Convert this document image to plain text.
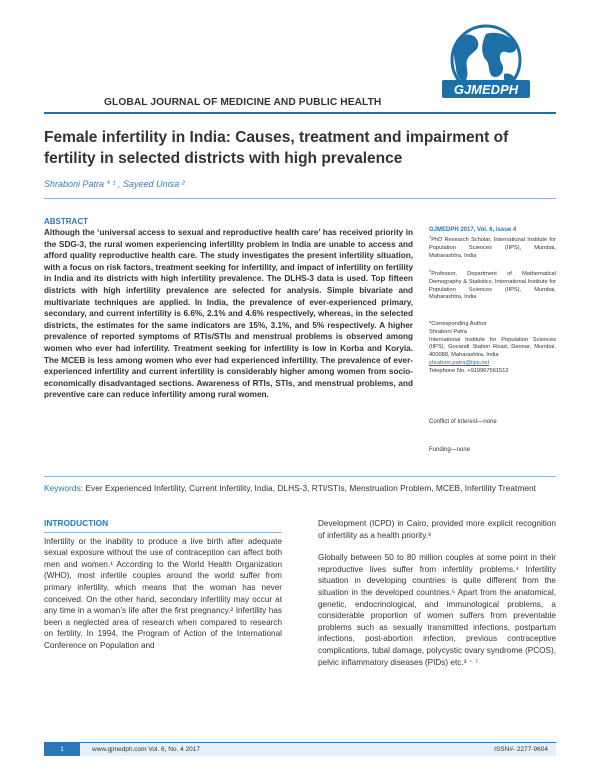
GJMEDPH
GLOBAL JOURNAL OF MEDICINE AND PUBLIC HEALTH
Female infertility in India: Causes, treatment and impairment of fertility in selected districts with high prevalence
Shraboni Patra * ¹ , Sayeed Unisa ²
ABSTRACT

Although the ‘universal access to sexual and reproductive health care’ has received priority in the SDG-3, the rural women experiencing infertility problem in India are unable to access and afford quality reproductive health care. The study investigates the present infertility situation, with a focus on risk factors, treatment seeking for infertility, and impact of infertility on fertility in India and its districts with high infertility prevalence. The DLHS-3 data is used. Top fifteen districts with high infertility prevalence are selected for analysis. Simple bivariate and multivariate techniques are applied. In India, the prevalence of ever-experienced primary, secondary, and current infertility is 6.6%, 2.1% and 4.6% respectively, whereas, in the selected districts, the estimates for the same indicators are 15%, 3.1%, and 5% respectively. A higher prevalence of reported symptoms of RTIs/STIs and menstrual problems is observed among women who ever had infertility. Treatment seeking for infertility is low in Korba and Koryia. The MCEB is less among women who ever had experienced infertility. The prevalence of ever-experienced infertility and current infertility is considerably higher among women from socio-economically disadvantaged sections. Awareness of RTIs, STIs, and menstrual problems, and preventive care can reduce infertility among rural women.

GJMEDPH 2017, Vol. 6, issue 4
$^1$PhD Research Scholar, International Institute for Population Sciences (IIPS), Mumbai, Maharashtra, India
$^2$Professor, Department of Mathematical Demography & Statistics, International Institute for Population Sciences (IIPS), Mumbai, Maharashtra, India
*Corresponding Author
Shraboni Patra
International Institute for Population Sciences (IIPS), Govandi Station Road, Deonar, Mumbai, 400088, Maharashtra, India
shraboni.patra@iips.net
Telephone No. +919967561512
Conflict of Interest—none
Funding—none
Keywords: Ever Experienced Infertility, Current Infertility, India, DLHS-3, RTI/STIs, Menstruation Problem, MCEB, Infertility Treatment
INTRODUCTION

Infertility or the inability to produce a live birth after adequate sexual exposure without the use of contraception can affect both men and women.¹ According to the World Health Organization (WHO), most infertile couples around the world suffer from primary infertility, which means that the woman has never conceived. On the other hand, secondary infertility may occur at any time in a woman’s life after the first pregnancy.² Infertility has been a neglected area of research when compared to research on fertility. In 1994, the Program of Action of the International Conference on Population and

Development (ICPD) in Cairo, provided more explicit recognition of infertility as a health priority.³

Globally between 50 to 80 million couples at some point in their reproductive lives suffer from infertility problems.⁴ Infertility situation in developing countries is quite different from the situation in the developed countries.⁵ Apart from the anatomical, genetic, endocrinological, and immunological problems, a considerable proportion of women suffers from preventable problems such as sexually transmitted infections, postpartum infections, post-abortion infection, previous contraceptive complications, tubal damage, polycystic ovary syndrome (PCOS), pelvic inflammatory diseases (PIDs) etc.³ ⁻ ⁷

1	www.gjmedph.com Vol. 6, No. 4 2017	ISSN#- 2277-9604
